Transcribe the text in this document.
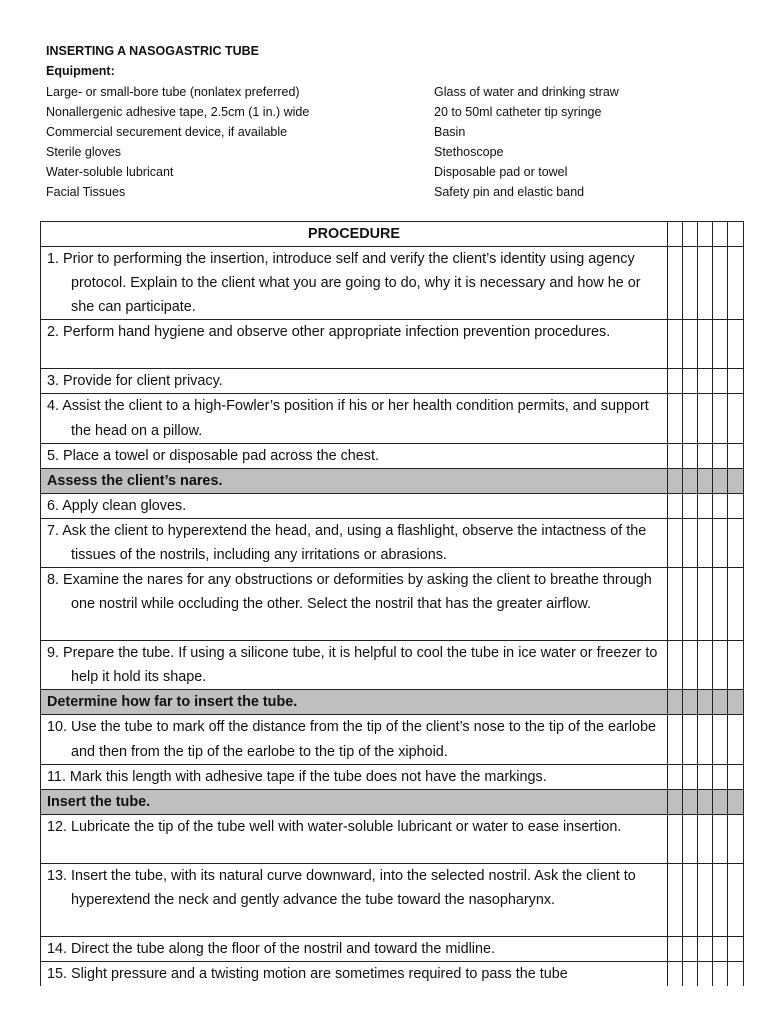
INSERTING A NASOGASTRIC TUBE
Equipment:
Large- or small-bore tube (nonlatex preferred)
Nonallergenic adhesive tape, 2.5cm (1 in.) wide
Commercial securement device, if available
Sterile gloves
Water-soluble lubricant
Facial Tissues
Glass of water and drinking straw
20 to 50ml catheter tip syringe
Basin
Stethoscope
Disposable pad or towel
Safety pin and elastic band
PROCEDURE					
1. Prior to performing the insertion, introduce self and verify the client’s identity using agency protocol. Explain to the client what you are going to do, why it is necessary and how he or she can participate.					
2. Perform hand hygiene and observe other appropriate infection prevention procedures.					
3. Provide for client privacy.					
4. Assist the client to a high-Fowler’s position if his or her health condition permits, and support the head on a pillow.					
5. Place a towel or disposable pad across the chest.					
Assess the client’s nares.					
6. Apply clean gloves.					
7. Ask the client to hyperextend the head, and, using a flashlight, observe the intactness of the tissues of the nostrils, including any irritations or abrasions.					
8. Examine the nares for any obstructions or deformities by asking the client to breathe through one nostril while occluding the other. Select the nostril that has the greater airflow.					
9. Prepare the tube. If using a silicone tube, it is helpful to cool the tube in ice water or freezer to help it hold its shape.					
Determine how far to insert the tube.					
10. Use the tube to mark off the distance from the tip of the client’s nose to the tip of the earlobe and then from the tip of the earlobe to the tip of the xiphoid.					
11. Mark this length with adhesive tape if the tube does not have the markings.					
Insert the tube.					
12. Lubricate the tip of the tube well with water-soluble lubricant or water to ease insertion.					
13. Insert the tube, with its natural curve downward, into the selected nostril. Ask the client to hyperextend the neck and gently advance the tube toward the nasopharynx.					
14. Direct the tube along the floor of the nostril and toward the midline.					
15. Slight pressure and a twisting motion are sometimes required to pass the tube					
